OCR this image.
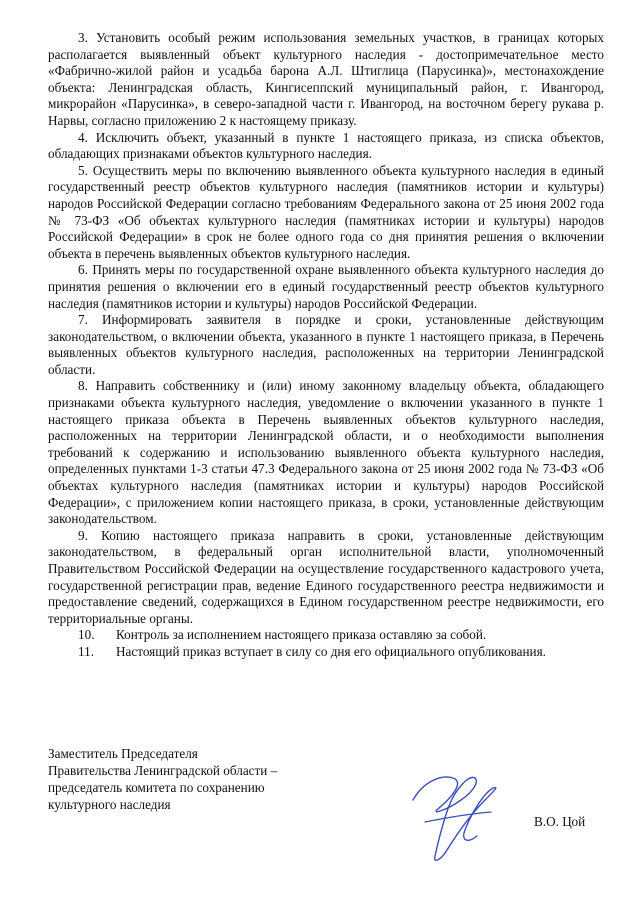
3. Установить особый режим использования земельных участков, в границах которых располагается выявленный объект культурного наследия - достопримечательное место «Фабрично-жилой район и усадьба барона А.Л. Штиглица (Парусинка)», местонахождение объекта: Ленинградская область, Кингисеппский муниципальный район, г. Ивангород, микрорайон «Парусинка», в северо-западной части г. Ивангород, на восточном берегу рукава р. Нарвы, согласно приложению 2 к настоящему приказу.

4. Исключить объект, указанный в пункте 1 настоящего приказа, из списка объектов, обладающих признаками объектов культурного наследия.

5. Осуществить меры по включению выявленного объекта культурного наследия в единый государственный реестр объектов культурного наследия (памятников истории и культуры) народов Российской Федерации согласно требованиям Федерального закона от 25 июня 2002 года № 73-ФЗ «Об объектах культурного наследия (памятниках истории и культуры) народов Российской Федерации» в срок не более одного года со дня принятия решения о включении объекта в перечень выявленных объектов культурного наследия.

6. Принять меры по государственной охране выявленного объекта культурного наследия до принятия решения о включении его в единый государственный реестр объектов культурного наследия (памятников истории и культуры) народов Российской Федерации.

7. Информировать заявителя в порядке и сроки, установленные действующим законодательством, о включении объекта, указанного в пункте 1 настоящего приказа, в Перечень выявленных объектов культурного наследия, расположенных на территории Ленинградской области.

8. Направить собственнику и (или) иному законному владельцу объекта, обладающего признаками объекта культурного наследия, уведомление о включении указанного в пункте 1 настоящего приказа объекта в Перечень выявленных объектов культурного наследия, расположенных на территории Ленинградской области, и о необходимости выполнения требований к содержанию и использованию выявленного объекта культурного наследия, определенных пунктами 1-3 статьи 47.3 Федерального закона от 25 июня 2002 года № 73-ФЗ «Об объектах культурного наследия (памятниках истории и культуры) народов Российской Федерации», с приложением копии настоящего приказа, в сроки, установленные действующим законодательством.

9. Копию настоящего приказа направить в сроки, установленные действующим законодательством, в федеральный орган исполнительной власти, уполномоченный Правительством Российской Федерации на осуществление государственного кадастрового учета, государственной регистрации прав, ведение Единого государственного реестра недвижимости и предоставление сведений, содержащихся в Едином государственном реестре недвижимости, его территориальные органы.

10. Контроль за исполнением настоящего приказа оставляю за собой.

11. Настоящий приказ вступает в силу со дня его официального опубликования.

Заместитель Председателя
Правительства Ленинградской области –
председатель комитета по сохранению
культурного наследия
В.О. Цой
